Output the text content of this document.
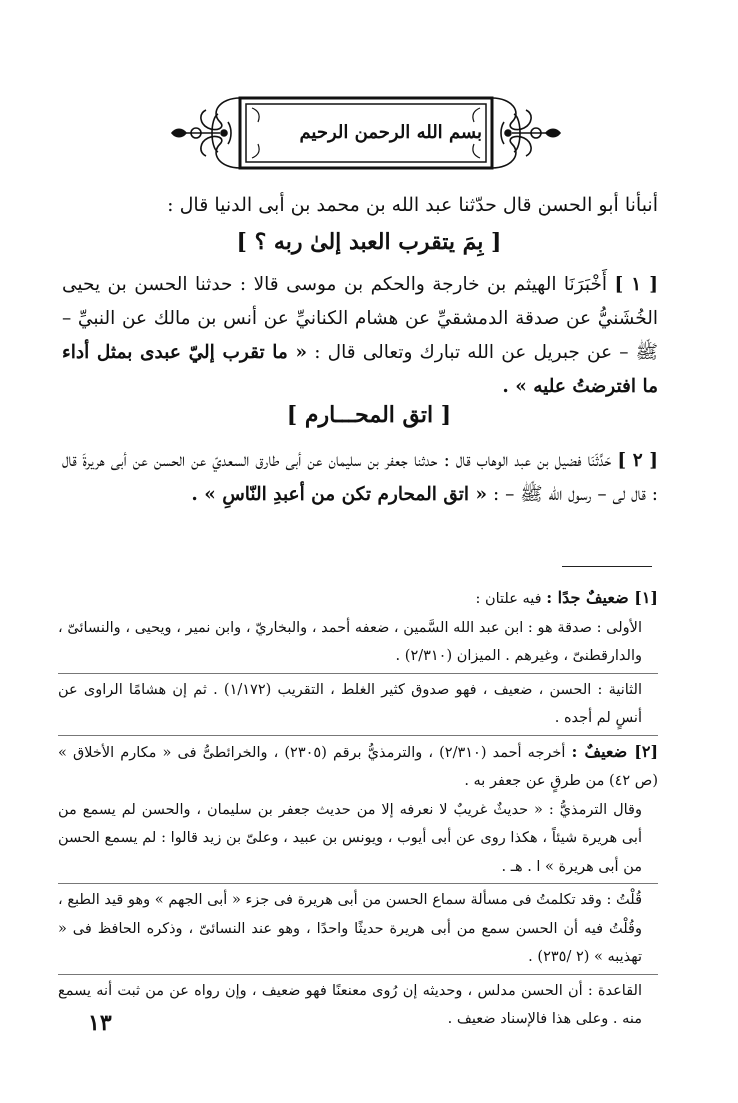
بسم الله الرحمن الرحيم
أنبأنا أبو الحسن قال حدّثنا عبد الله بن محمد بن أبى الدنيا قال :
[ بِمَ يتقرب العبد إلىٰ ربه ؟ ]
[ ١ ] أَخْبَرَنَا الهيثم بن خارجة والحكم بن موسى قالا : حدثنا الحسن بن يحيى الخُشَنيُّ عن صدقة الدمشقيِّ عن هشام الكنانيِّ عن أنس بن مالك عن النبيِّ – ﷺ – عن جبريل عن الله تبارك وتعالى قال : « ما تقرب إليّ عبدى بمثل أداء ما افترضتُ عليه » .
[ اتق المحـــارم ]
[ ٢ ] حَدَّثَنَا فضيل بن عبد الوهاب قال : حدثنا جعفر بن سليمان عن أبى طارق السعديّ عن الحسن عن أبى هريرةَ قال : قال لى – رسول الله ﷺ – : « اتق المحارم تكن من أعبدِ النّاسِ » .

[١] ضعيفٌ جدًا : فيه علتان :

الأولى : صدقة هو : ابن عبد الله السَّمين ، ضعفه أحمد ، والبخاريّ ، وابن نمير ، ويحيى ، والنسائىّ ، والدارقطنىّ ، وغيرهم . الميزان (٢/٣١٠) .

الثانية : الحسن ، ضعيف ، فهو صدوق كثير الغلط ، التقريب (١/١٧٢) . ثم إن هشامًا الراوى عن أنسٍ لم أجده .

[٢] ضعيفٌ : أخرجه أحمد (٢/٣١٠) ، والترمذيُّ برقم (٢٣٠٥) ، والخرائطىُّ فى « مكارم الأخلاق » (ص ٤٢) من طرقٍ عن جعفر به .

وقال الترمذيُّ : « حديثٌ غريبٌ لا نعرفه إلا من حديث جعفر بن سليمان ، والحسن لم يسمع من أبى هريرة شيئاً ، هكذا روى عن أبى أيوب ، ويونس بن عبيد ، وعلىّ بن زيد قالوا : لم يسمع الحسن من أبى هريرة » ا . هـ .

قُلْتُ : وقد تكلمتُ فى مسألة سماع الحسن من أبى هريرة فى جزء « أبى الجهم » وهو قيد الطبع ، وقُلْتُ فيه أن الحسن سمع من أبى هريرة حديثًا واحدًا ، وهو عند النسائىّ ، وذكره الحافظ فى « تهذيبه » (٢ /٢٣٥) .

القاعدة : أن الحسن مدلس ، وحديثه إن رُوى معنعنًا فهو ضعيف ، وإن رواه عن من ثبت أنه يسمع منه . وعلى هذا فالإسناد ضعيف .

١٣
